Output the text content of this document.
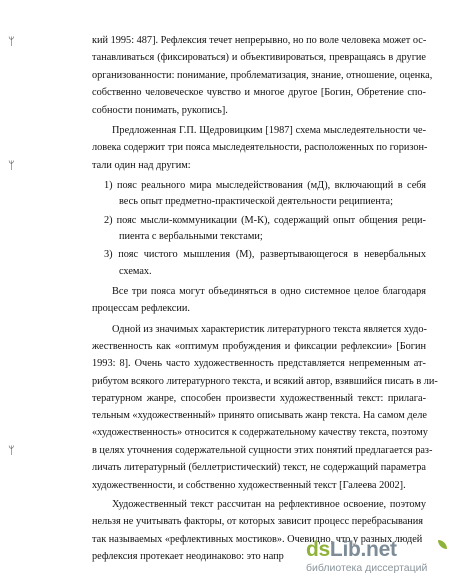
ᛘ
ᛘ
ᛘ
кий 1995: 487]. Рефлексия течет непрерывно, но по воле человека может ос-
танавливаться (фиксироваться) и объективироваться, превращаясь в другие
организованности: понимание, проблематизация, знание, отношение, оценка,
собственно человеческое чувство и многое другое [Богин, Обретение спо-
собности понимать, рукопись].
Предложенная Г.П. Щедровицким [1987] схема мыследеятельности че-
ловека содержит три пояса мыследеятельности, расположенных по горизон-
тали один над другим:
1) пояс реального мира мыследействования (мД), включающий в себя
весь опыт предметно-практической деятельности реципиента;
2) пояс мысли-коммуникации (М-К), содержащий опыт общения реци-
пиента с вербальными текстами;
3) пояс чистого мышления (М), развертывающегося в невербальных
схемах.
Все три пояса могут объединяться в одно системное целое благодаря
процессам рефлексии.
Одной из значимых характеристик литературного текста является худо-
жественность как «оптимум пробуждения и фиксации рефлексии» [Богин
1993: 8]. Очень часто художественность представляется непременным ат-
рибутом всякого литературного текста, и всякий автор, взявшийся писать в ли-
тературном жанре, способен произвести художественный текст: прилага-
тельным «художественный» принято описывать жанр текста. На самом деле
«художественность» относится к содержательному качеству текста, поэтому
в целях уточнения содержательной сущности этих понятий предлагается раз-
личать литературный (беллетристический) текст, не содержащий параметра
художественности, и собственно художественный текст [Галеева 2002].
Художественный текст рассчитан на рефлективное освоение, поэтому
нельзя не учитывать факторы, от которых зависит процесс перебрасывания
так называемых «рефлективных мостиков». Очевидно, что у разных людей
рефлексия протекает неодинаково: это напр	dsLib.net
библиотека диссертаций
